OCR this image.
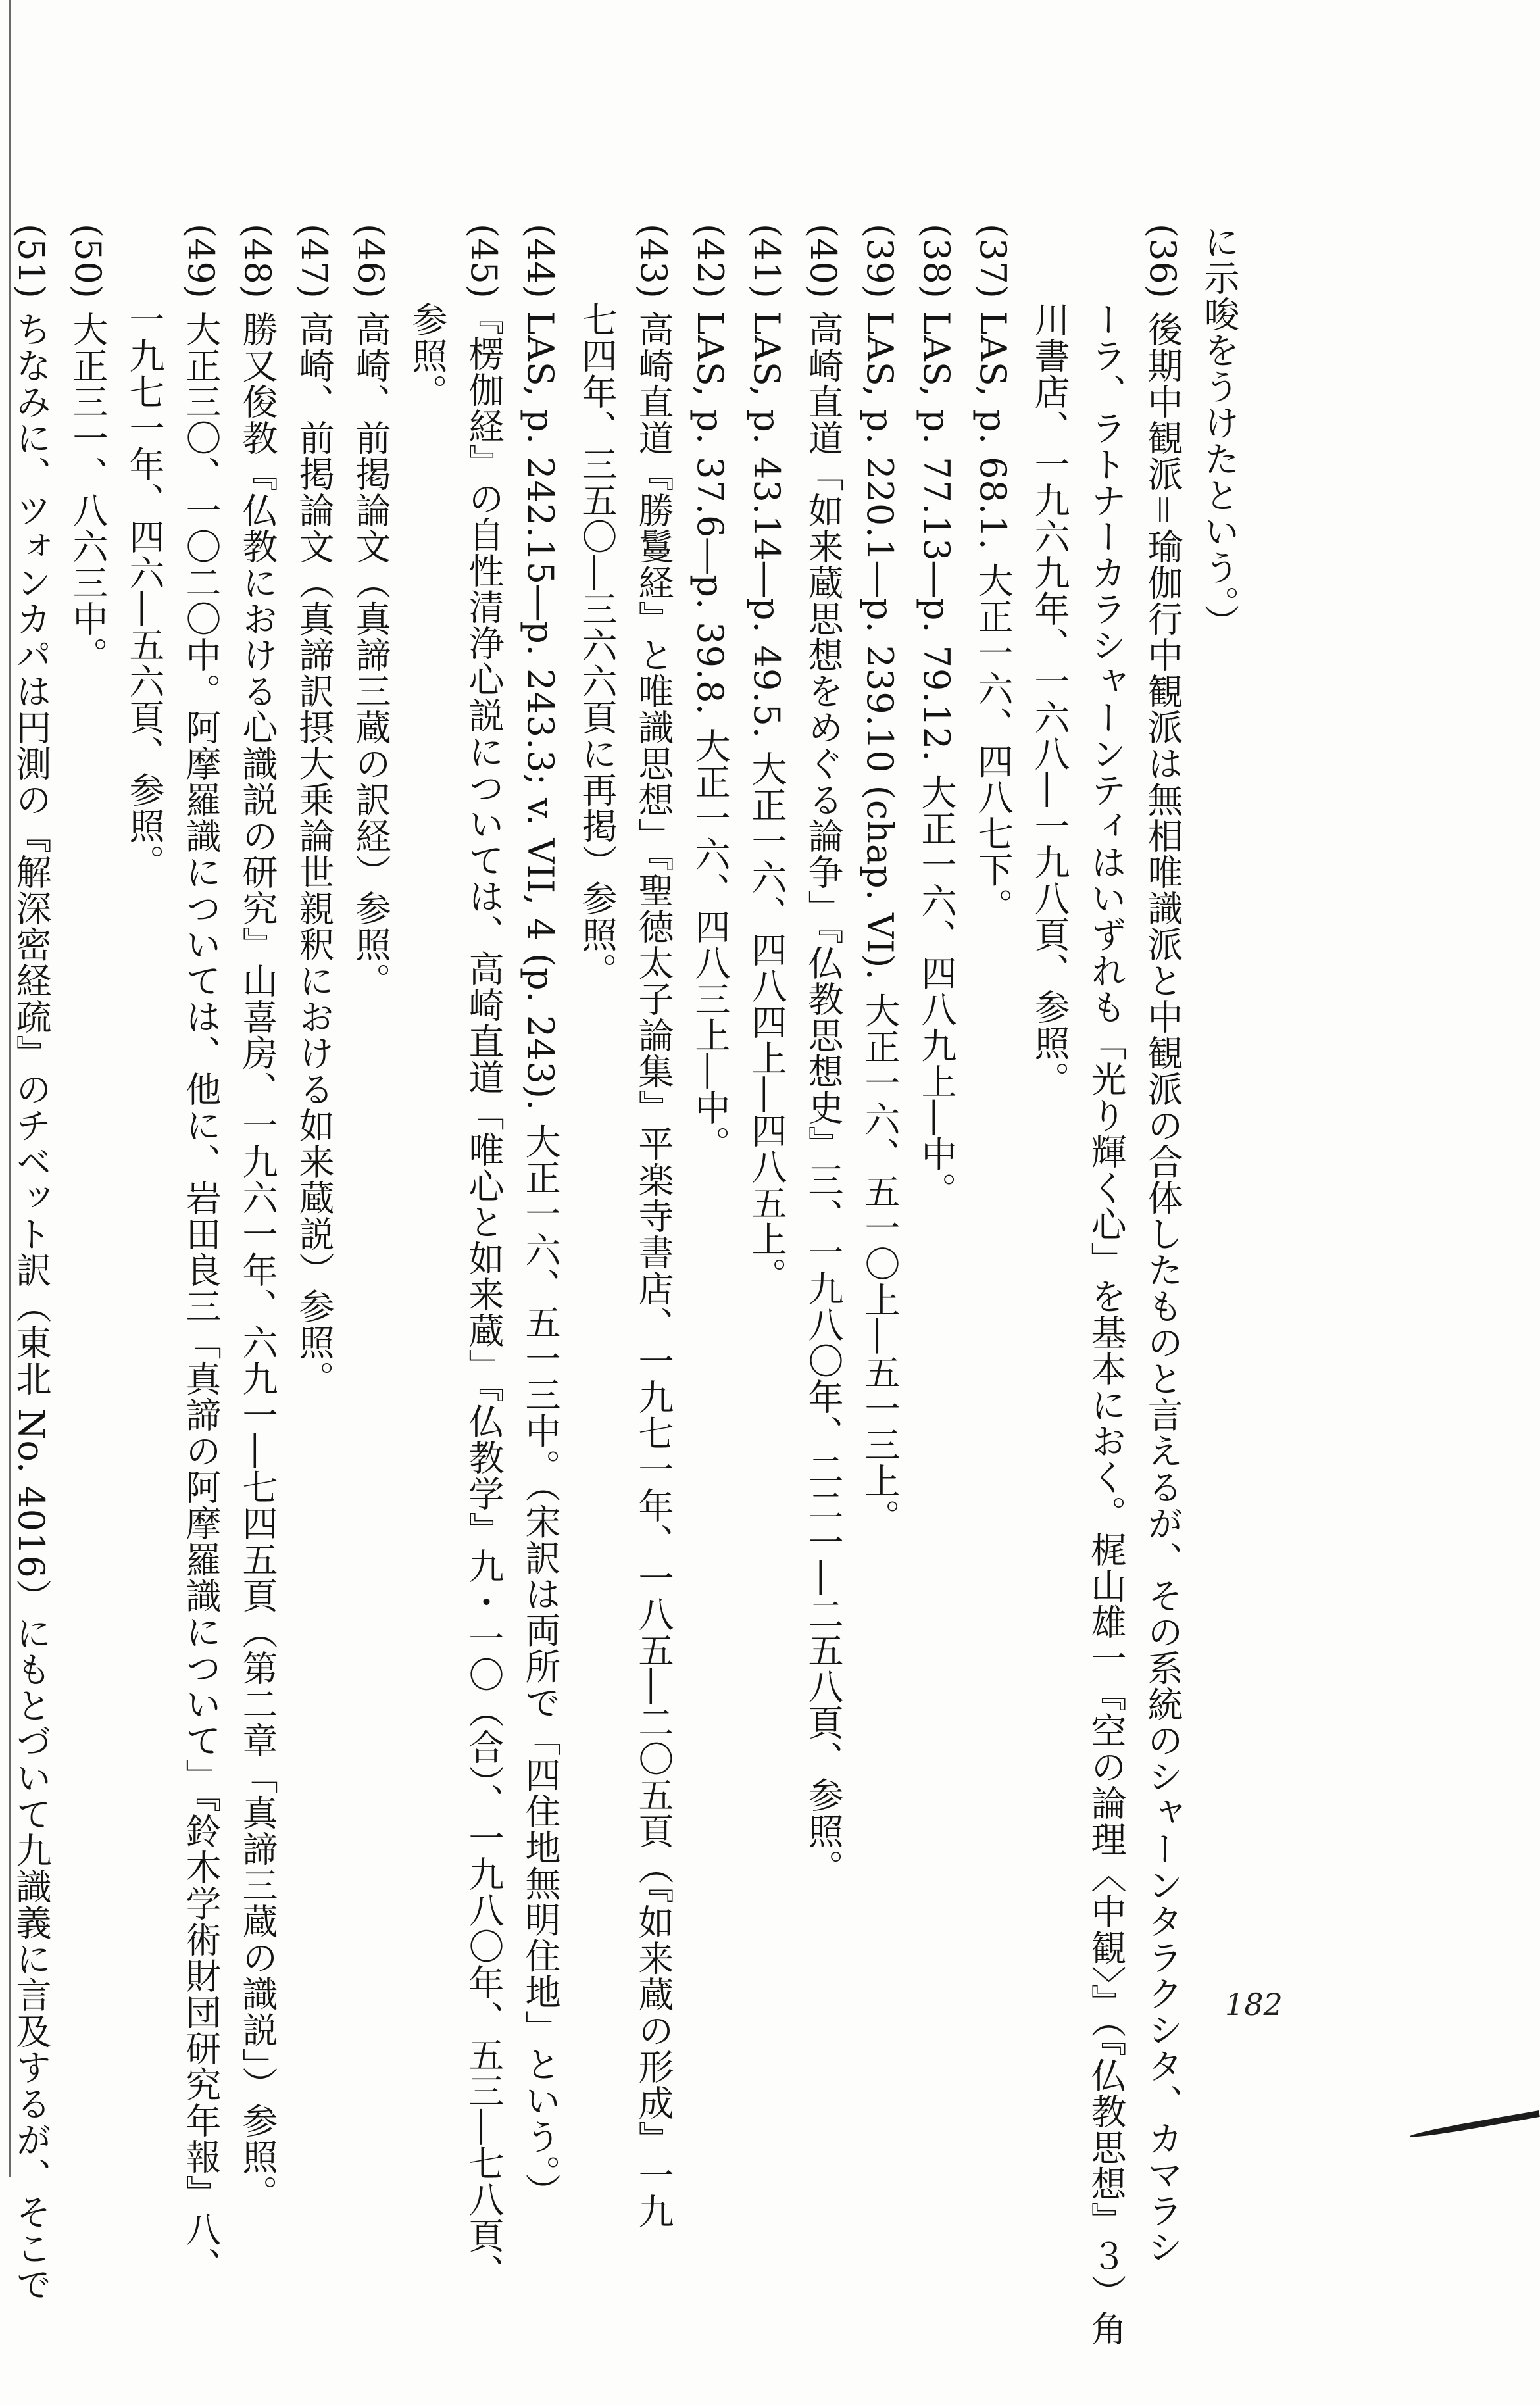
に示唆をうけたという。）
(36) 後期中観派＝瑜伽行中観派は無相唯識派と中観派の合体したものと言えるが、その系統のシャーンタラクシタ、カマラシ
ーラ、ラトナーカラシャーンティはいずれも「光り輝く心」を基本におく。梶山雄一『空の論理〈中観〉』（『仏教思想』３）角
川書店、一九六九年、一六八―一九八頁、参照。
(37) LAS, p. 68.1. 大正一六、四八七下。
(38) LAS, p. 77.13―p. 79.12. 大正一六、四八九上―中。
(39) LAS, p. 220.1―p. 239.10 (chap. VI). 大正一六、五一〇上―五一三上。
(40) 高崎直道「如来蔵思想をめぐる論争」『仏教思想史』三、一九八〇年、二二一―二五八頁、参照。
(41) LAS, p. 43.14―p. 49.5. 大正一六、四八四上―四八五上。
(42) LAS, p. 37.6―p. 39.8. 大正一六、四八三上―中。
(43) 高崎直道『勝鬘経』と唯識思想」『聖徳太子論集』平楽寺書店、一九七一年、一八五―二〇五頁（『如来蔵の形成』一九
七四年、三五〇―三六六頁に再掲）参照。
(44) LAS, p. 242.15―p. 243.3; v. VII, 4 (p. 243). 大正一六、五一三中。（宋訳は両所で「四住地無明住地」という。）
(45)『楞伽経』の自性清浄心説については、高崎直道「唯心と如来蔵」『仏教学』九・一〇（合）、一九八〇年、五三―七八頁、
参照。
(46) 高崎、前掲論文（真諦三蔵の訳経）参照。
(47) 高崎、前掲論文（真諦訳摂大乗論世親釈における如来蔵説）参照。
(48) 勝又俊教『仏教における心識説の研究』山喜房、一九六一年、六九一―七四五頁（第二章「真諦三蔵の識説」）参照。
(49) 大正三〇、一〇二〇中。阿摩羅識については、他に、岩田良三「真諦の阿摩羅識について」『鈴木学術財団研究年報』八、
一九七一年、四六―五六頁、参照。
(50) 大正三一、八六三中。
(51) ちなみに、ツォンカパは円測の『解深密経疏』のチベット訳（東北 No. 4016）にもとづいて九識義に言及するが、そこで	182
